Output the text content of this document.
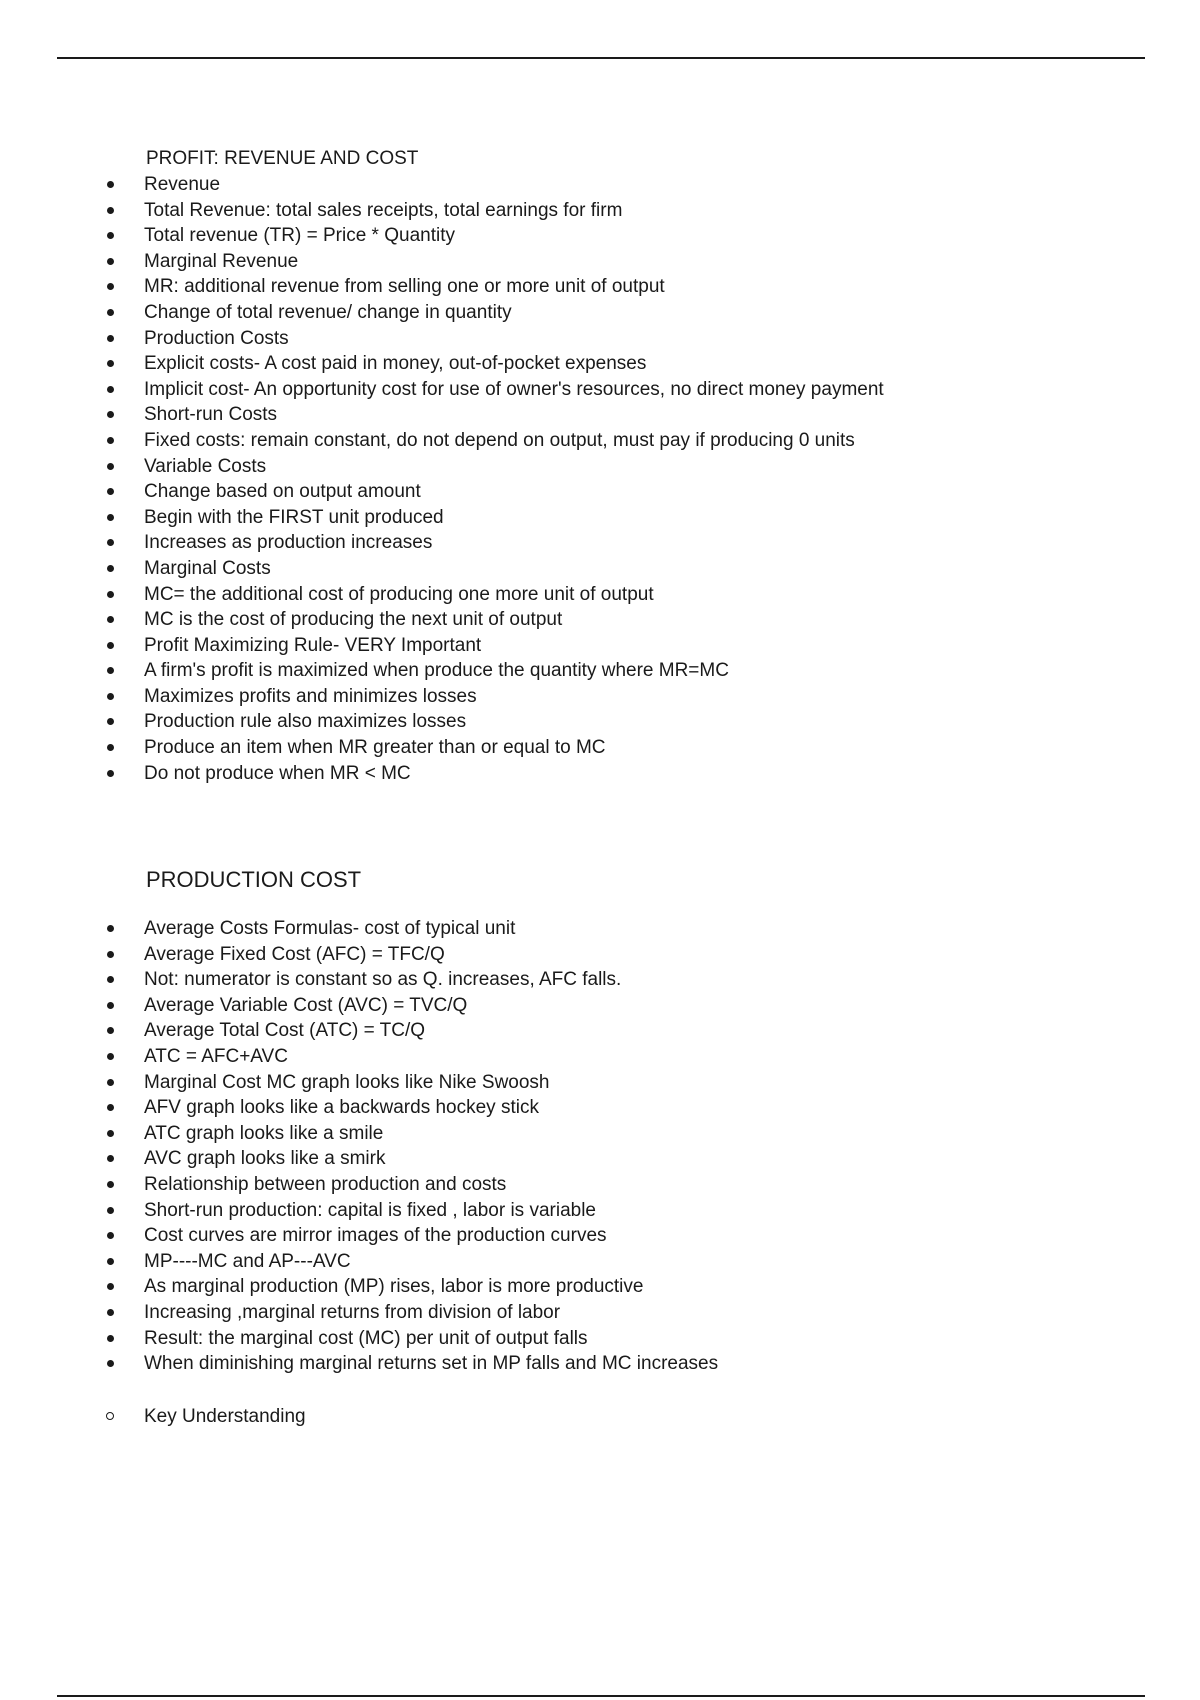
PROFIT: REVENUE AND COST
Revenue
Total Revenue: total sales receipts, total earnings for firm
Total revenue (TR) = Price * Quantity
Marginal Revenue
MR: additional revenue from selling one or more unit of output
Change of total revenue/ change in quantity
Production Costs
Explicit costs- A cost paid in money, out-of-pocket expenses
Implicit cost- An opportunity cost for use of owner's resources, no direct money payment
Short-run Costs
Fixed costs: remain constant, do not depend on output, must pay if producing 0 units
Variable Costs
Change based on output amount
Begin with the FIRST unit produced
Increases as production increases
Marginal Costs
MC= the additional cost of producing one more unit of output
MC is the cost of producing the next unit of output
Profit Maximizing Rule- VERY Important
A firm's profit is maximized when produce the quantity where MR=MC
Maximizes profits and minimizes losses
Production rule also maximizes losses
Produce an item when MR greater than or equal to MC
Do not produce when MR < MC
PRODUCTION COST
Average Costs Formulas- cost of typical unit
Average Fixed Cost (AFC) = TFC/Q
Not: numerator is constant so as Q. increases, AFC falls.
Average Variable Cost (AVC) = TVC/Q
Average Total Cost (ATC) = TC/Q
ATC = AFC+AVC
Marginal Cost MC graph looks like Nike Swoosh
AFV graph looks like a backwards hockey stick
ATC graph looks like a smile
AVC graph looks like a smirk
Relationship between production and costs
Short-run production: capital is fixed , labor is variable
Cost curves are mirror images of the production curves
MP----MC and AP---AVC
As marginal production (MP) rises, labor is more productive
Increasing ,marginal returns from division of labor
Result: the marginal cost (MC) per unit of output falls
When diminishing marginal returns set in MP falls and MC increases
Key Understanding
